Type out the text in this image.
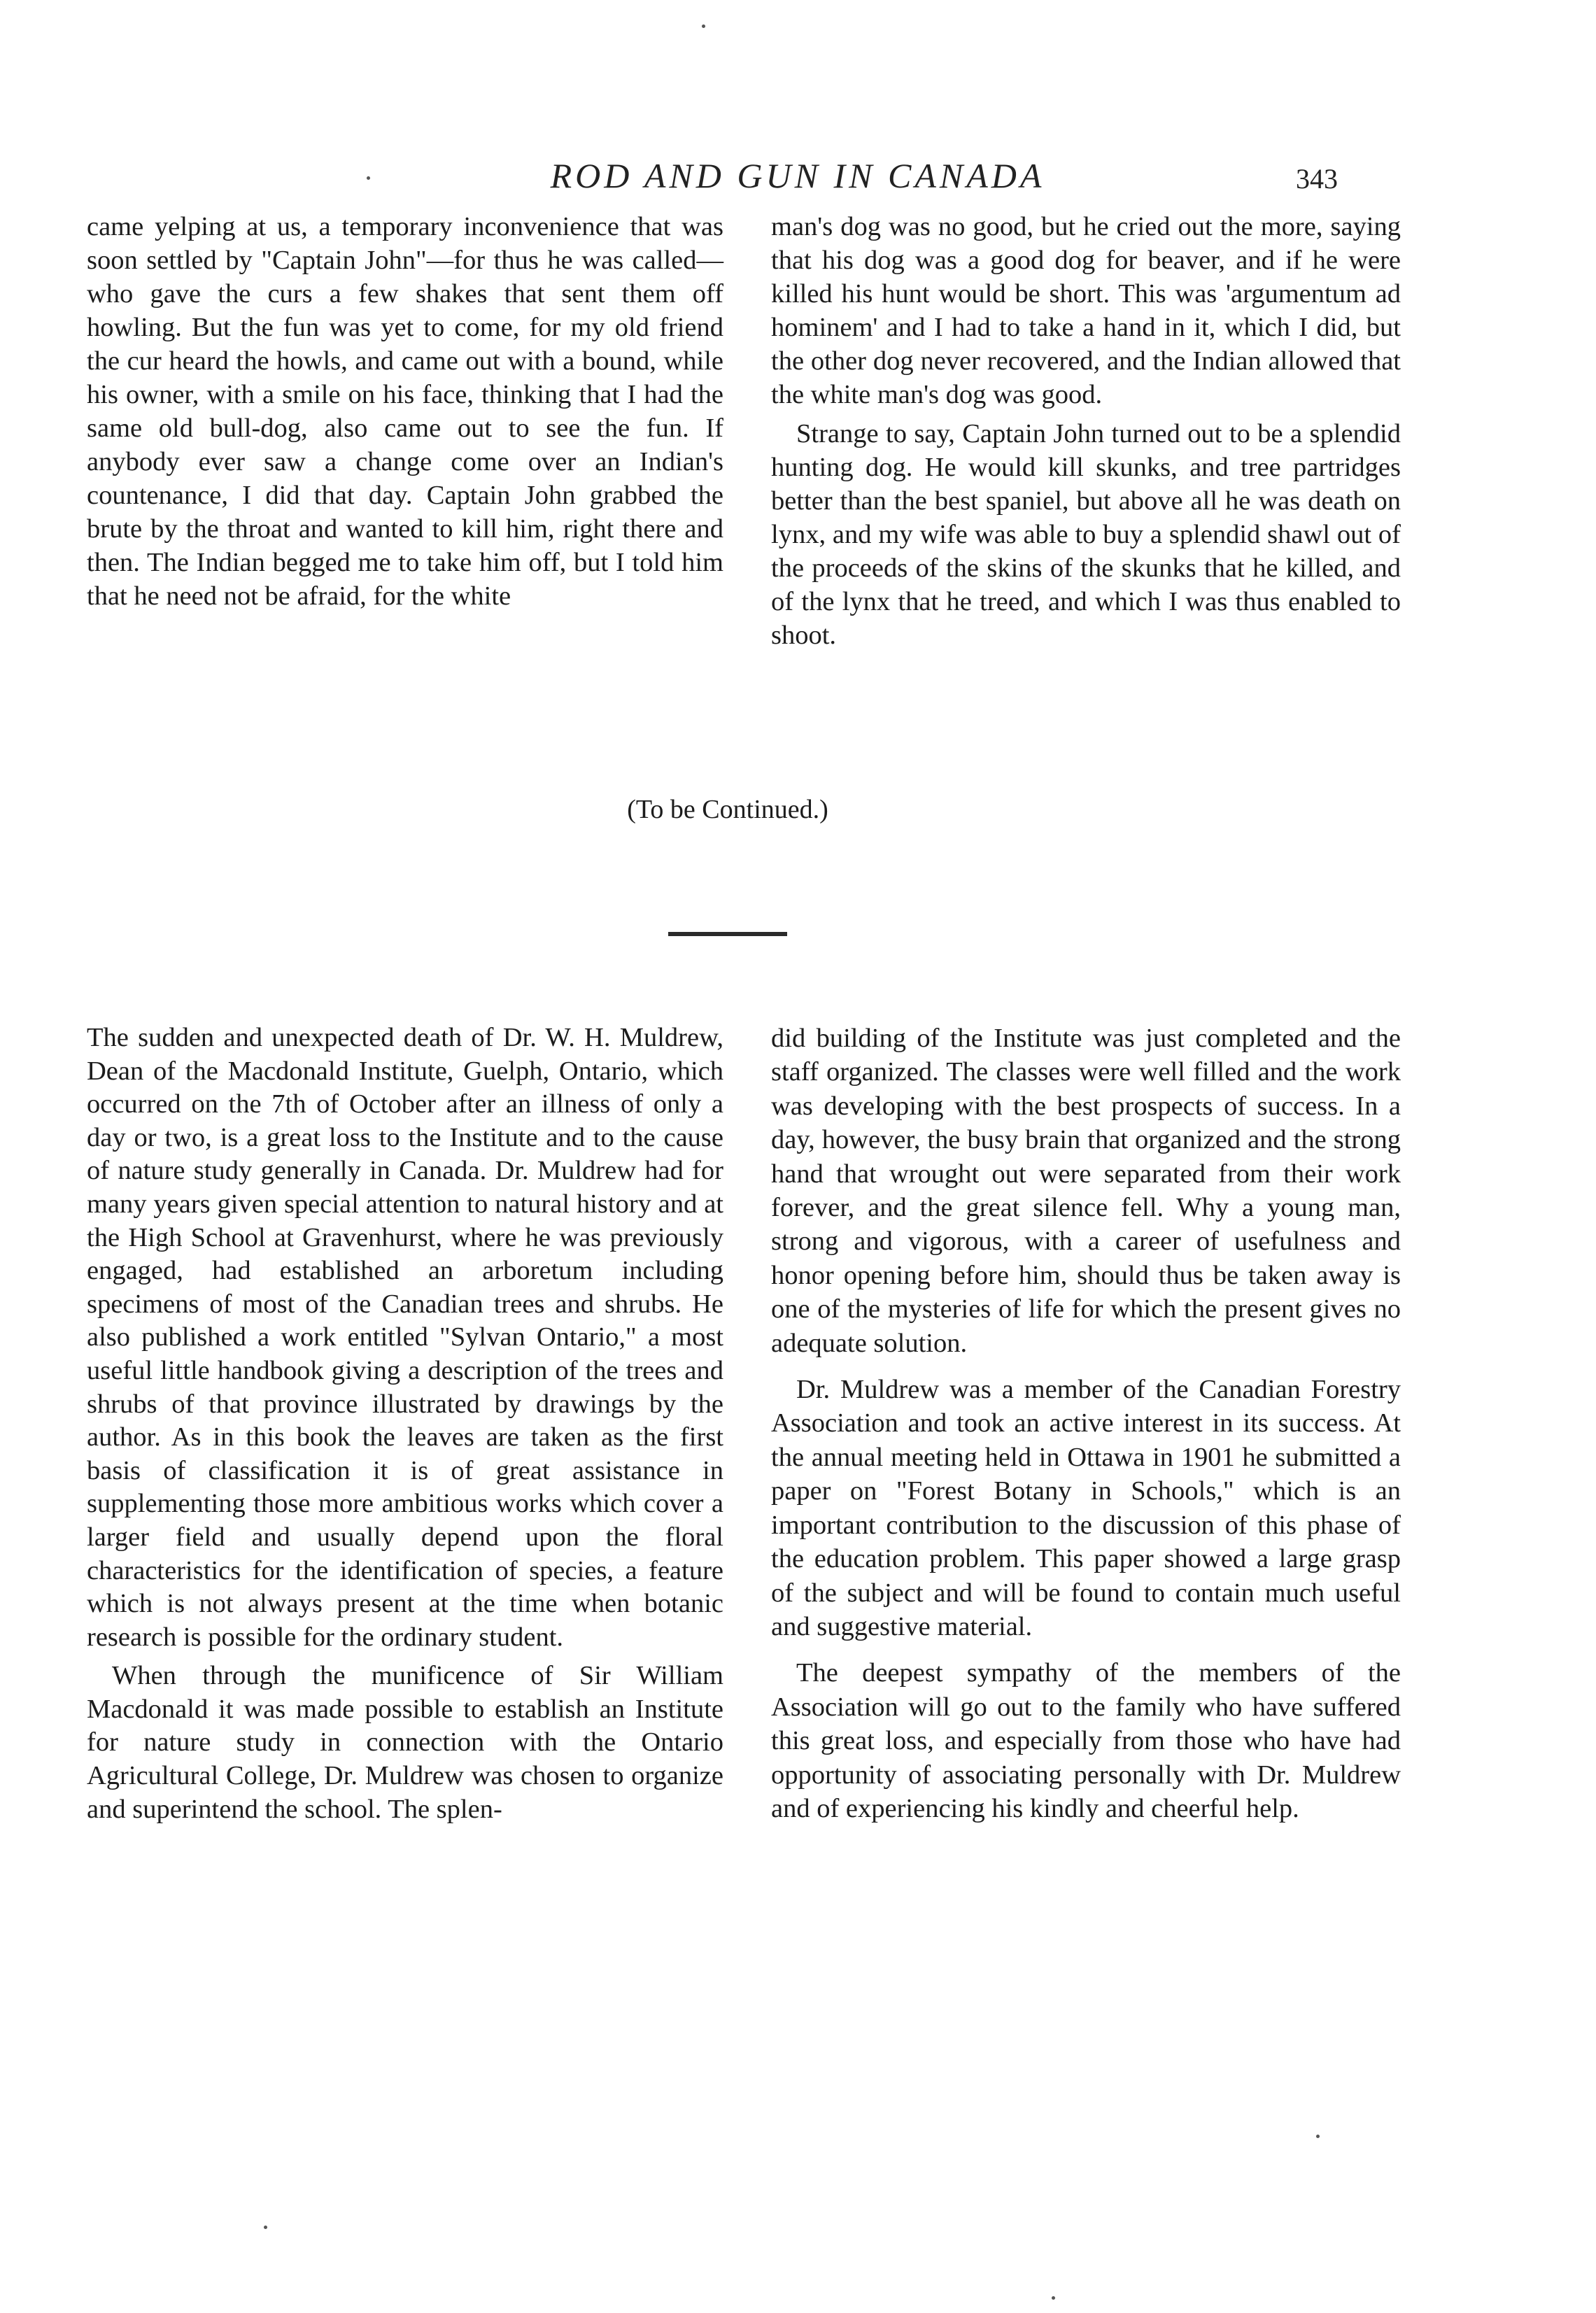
ROD AND GUN IN CANADA	343

came yelping at us, a temporary inconvenience that was soon settled by "Captain John"—for thus he was called—who gave the curs a few shakes that sent them off howling. But the fun was yet to come, for my old friend the cur heard the howls, and came out with a bound, while his owner, with a smile on his face, thinking that I had the same old bull-dog, also came out to see the fun. If anybody ever saw a change come over an Indian's countenance, I did that day. Captain John grabbed the brute by the throat and wanted to kill him, right there and then. The Indian begged me to take him off, but I told him that he need not be afraid, for the white

man's dog was no good, but he cried out the more, saying that his dog was a good dog for beaver, and if he were killed his hunt would be short. This was 'argumentum ad hominem' and I had to take a hand in it, which I did, but the other dog never recovered, and the Indian allowed that the white man's dog was good.

Strange to say, Captain John turned out to be a splendid hunting dog. He would kill skunks, and tree partridges better than the best spaniel, but above all he was death on lynx, and my wife was able to buy a splendid shawl out of the proceeds of the skins of the skunks that he killed, and of the lynx that he treed, and which I was thus enabled to shoot.

(To be Continued.)

The sudden and unexpected death of Dr. W. H. Muldrew, Dean of the Macdonald Institute, Guelph, Ontario, which occurred on the 7th of October after an illness of only a day or two, is a great loss to the Institute and to the cause of nature study generally in Canada. Dr. Muldrew had for many years given special attention to natural history and at the High School at Gravenhurst, where he was previously engaged, had established an arboretum including specimens of most of the Canadian trees and shrubs. He also published a work entitled "Sylvan Ontario," a most useful little handbook giving a description of the trees and shrubs of that province illustrated by drawings by the author. As in this book the leaves are taken as the first basis of classification it is of great assistance in supplementing those more ambitious works which cover a larger field and usually depend upon the floral characteristics for the identification of species, a feature which is not always present at the time when botanic research is possible for the ordinary student.

When through the munificence of Sir William Macdonald it was made possible to establish an Institute for nature study in connection with the Ontario Agricultural College, Dr. Muldrew was chosen to organize and superintend the school. The splen-

did building of the Institute was just completed and the staff organized. The classes were well filled and the work was developing with the best prospects of success. In a day, however, the busy brain that organized and the strong hand that wrought out were separated from their work forever, and the great silence fell. Why a young man, strong and vigorous, with a career of usefulness and honor opening before him, should thus be taken away is one of the mysteries of life for which the present gives no adequate solution.

Dr. Muldrew was a member of the Canadian Forestry Association and took an active interest in its success. At the annual meeting held in Ottawa in 1901 he submitted a paper on "Forest Botany in Schools," which is an important contribution to the discussion of this phase of the education problem. This paper showed a large grasp of the subject and will be found to contain much useful and suggestive material.

The deepest sympathy of the members of the Association will go out to the family who have suffered this great loss, and especially from those who have had opportunity of associating personally with Dr. Muldrew and of experiencing his kindly and cheerful help.
